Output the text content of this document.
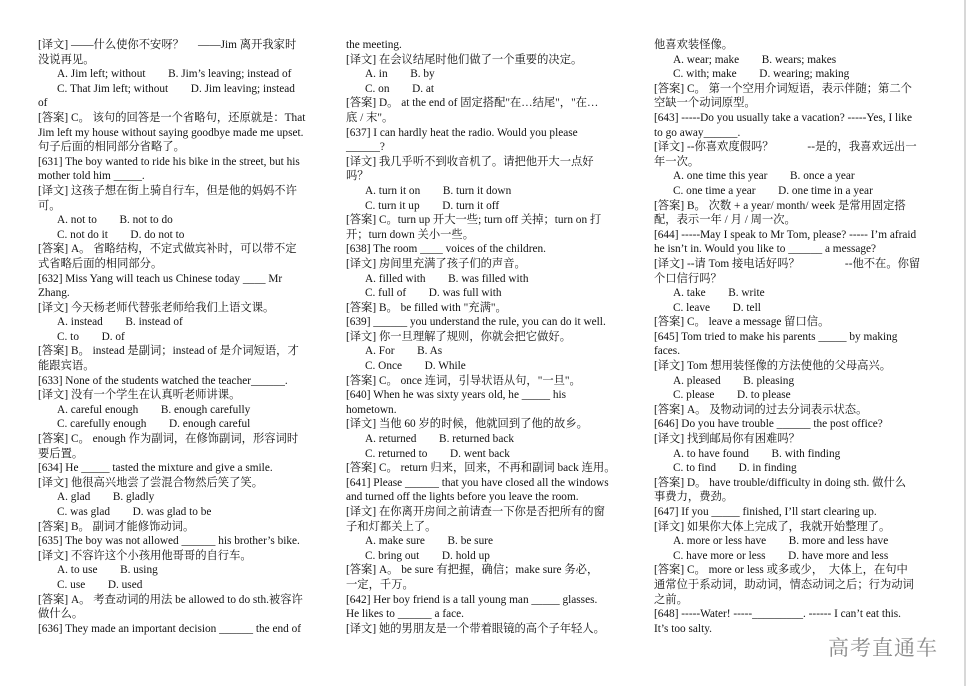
[译文] ——什么使你不安呀？　 ——Jim 离开我家时
没说再见。
A. Jim left; without　　B. Jim’s leaving; instead of
C. That Jim left; without　　D. Jim leaving; instead
of
[答案] C。 该句的回答是一个省略句，还原就是：That
Jim left my house without saying goodbye made me upset.
句子后面的相同部分省略了。
[631] The boy wanted to ride his bike in the street, but his
mother told him _____.
[译文] 这孩子想在街上骑自行车，但是他的妈妈不许
可。
A. not to　　B. not to do
C. not do it　　D. do not to
[答案] A。 省略结构，不定式做宾补时，可以带不定
式省略后面的相同部分。
[632] Miss Yang will teach us Chinese today ____ Mr
Zhang.
[译文] 今天杨老师代替张老师给我们上语文课。
A. instead　　B. instead of
C. to　　D. of
[答案] B。 instead 是副词；instead of 是介词短语，才
能跟宾语。
[633] None of the students watched the teacher______.
[译文] 没有一个学生在认真听老师讲课。
A. careful enough　　B. enough carefully
C. carefully enough　　D. enough careful
[答案] C。 enough 作为副词，在修饰副词，形容词时
要后置。
[634] He _____ tasted the mixture and give a smile.
[译文] 他很高兴地尝了尝混合物然后笑了笑。
A. glad　　B. gladly
C. was glad　　D. was glad to be
[答案] B。 副词才能修饰动词。
[635] The boy was not allowed ______ his brother’s bike.
[译文] 不容许这个小孩用他哥哥的自行车。
A. to use　　B. using
C. use　　D. used
[答案] A。 考查动词的用法 be allowed to do sth.被容许
做什么。
[636] They made an important decision ______ the end of
the meeting.
[译文] 在会议结尾时他们做了一个重要的决定。
A. in　　B. by
C. on　　D. at
[答案] D。 at the end of 固定搭配"在…结尾"，"在…
底 / 末"。
[637] I can hardly heat the radio. Would you please
______?
[译文] 我几乎听不到收音机了。请把他开大一点好
吗？
A. turn it on　　B. turn it down
C. turn it up　　D. turn it off
[答案] C。turn up 开大一些; turn off 关掉；turn on 打
开；turn down 关小一些。
[638] The room ____ voices of the children.
[译文] 房间里充满了孩子们的声音。
A. filled with　　B. was filled with
C. full of　　D. was full with
[答案] B。 be filled with "充满"。
[639] ______ you understand the rule, you can do it well.
[译文] 你一旦理解了规则，你就会把它做好。
A. For　　B. As
C. Once　　D. While
[答案] C。 once 连词，引导状语从句，"一旦"。
[640] When he was sixty years old, he _____ his
hometown.
[译文] 当他 60 岁的时候，他就回到了他的故乡。
A. returned　　B. returned back
C. returned to　　D. went back
[答案] C。 return 归来，回来，不再和副词 back 连用。
[641] Please ______ that you have closed all the windows
and turned off the lights before you leave the room.
[译文] 在你离开房间之前请查一下你是否把所有的窗
子和灯都关上了。
A. make sure　　B. be sure
C. bring out　　D. hold up
[答案] A。 be sure 有把握，确信；make sure 务必，
一定，千万。
[642] Her boy friend is a tall young man _____ glasses.
He likes to ______ a face.
[译文] 她的男朋友是一个带着眼镜的高个子年轻人。
他喜欢装怪像。
A. wear; make　　B. wears; makes
C. with; make　　D. wearing; making
[答案] C。 第一个空用介词短语，表示伴随；第二个
空缺一个动词原型。
[643] -----Do you usually take a vacation? -----Yes, I like
to go away______.
[译文] --你喜欢度假吗？　　　--是的，我喜欢远出一
年一次。
A. one time this year　　B. once a year
C. one time a year　　D. one time in a year
[答案] B。 次数 + a year/ month/ week 是常用固定搭
配，表示一年 / 月 / 周一次。
[644] -----May I speak to Mr Tom, please? ----- I’m afraid
he isn’t in. Would you like to ______ a message?
[译文] --请 Tom 接电话好吗？　　　　--他不在。你留
个口信行吗？
A. take　　B. write
C. leave　　D. tell
[答案] C。 leave a message 留口信。
[645] Tom tried to make his parents _____ by making
faces.
[译文] Tom 想用装怪像的方法使他的父母高兴。
A. pleased　　B. pleasing
C. please　　D. to please
[答案] A。 及物动词的过去分词表示状态。
[646] Do you have trouble ______ the post office?
[译文] 找到邮局你有困难吗？
A. to have found　　B. with finding
C. to find　　D. in finding
[答案] D。 have trouble/difficulty in doing sth. 做什么
事费力，费劲。
[647] If you _____ finished, I’ll start clearing up.
[译文] 如果你大体上完成了，我就开始整理了。
A. more or less have　　B. more and less have
C. have more or less　　D. have more and less
[答案] C。 more or less 或多或少，　大体上，在句中
通常位于系动词，助动词，情态动词之后；行为动词
之前。
[648] -----Water! -----_________. ------ I can’t eat this.
It’s too salty.
高考直通车
